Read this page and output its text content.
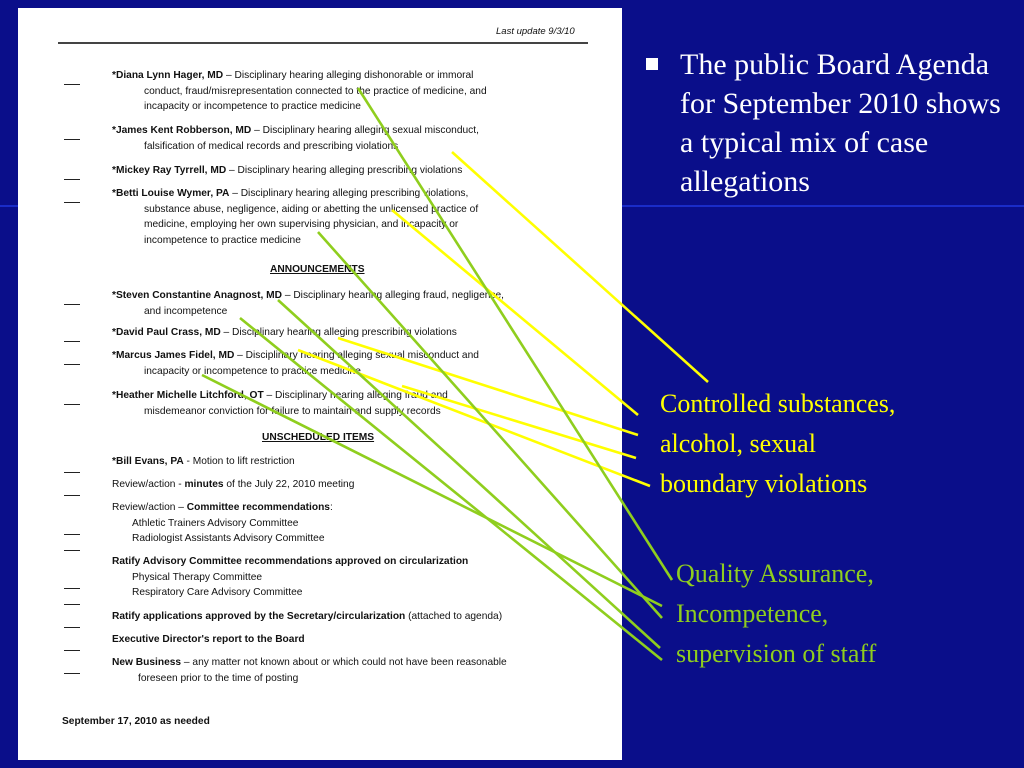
Last update 9/3/10
*Diana Lynn Hager, MD – Disciplinary hearing alleging dishonorable or immoral
conduct, fraud/misrepresentation connected to the practice of medicine, and
incapacity or incompetence to practice medicine
*James Kent Robberson, MD – Disciplinary hearing alleging sexual misconduct,
falsification of medical records and prescribing violations
*Mickey Ray Tyrrell, MD – Disciplinary hearing alleging prescribing violations
*Betti Louise Wymer, PA – Disciplinary hearing alleging prescribing violations,
substance abuse, negligence, aiding or abetting the unlicensed practice of
medicine, employing her own supervising physician, and incapacity or
incompetence to practice medicine
ANNOUNCEMENTS
*Steven Constantine Anagnost, MD – Disciplinary hearing alleging fraud, negligence,
and incompetence
*David Paul Crass, MD – Disciplinary hearing alleging prescribing violations
*Marcus James Fidel, MD – Disciplinary hearing alleging sexual misconduct and
incapacity or incompetence to practice medicine
*Heather Michelle Litchford, OT – Disciplinary hearing alleging fraud and
misdemeanor conviction for failure to maintain and supply records
UNSCHEDULED ITEMS
*Bill Evans, PA - Motion to lift restriction
Review/action - minutes of the July 22, 2010 meeting
Review/action – Committee recommendations:
Athletic Trainers Advisory Committee
Radiologist Assistants Advisory Committee
Ratify Advisory Committee recommendations approved on circularization
Physical Therapy Committee
Respiratory Care Advisory Committee
Ratify applications approved by the Secretary/circularization (attached to agenda)
Executive Director's report to the Board
New Business – any matter not known about or which could not have been reasonable
foreseen prior to the time of posting
September 17, 2010 as needed
The public Board Agenda for September 2010 shows a typical mix of case allegations
Controlled substances,
alcohol, sexual
boundary violations
Quality Assurance,
Incompetence,
supervision of staff
